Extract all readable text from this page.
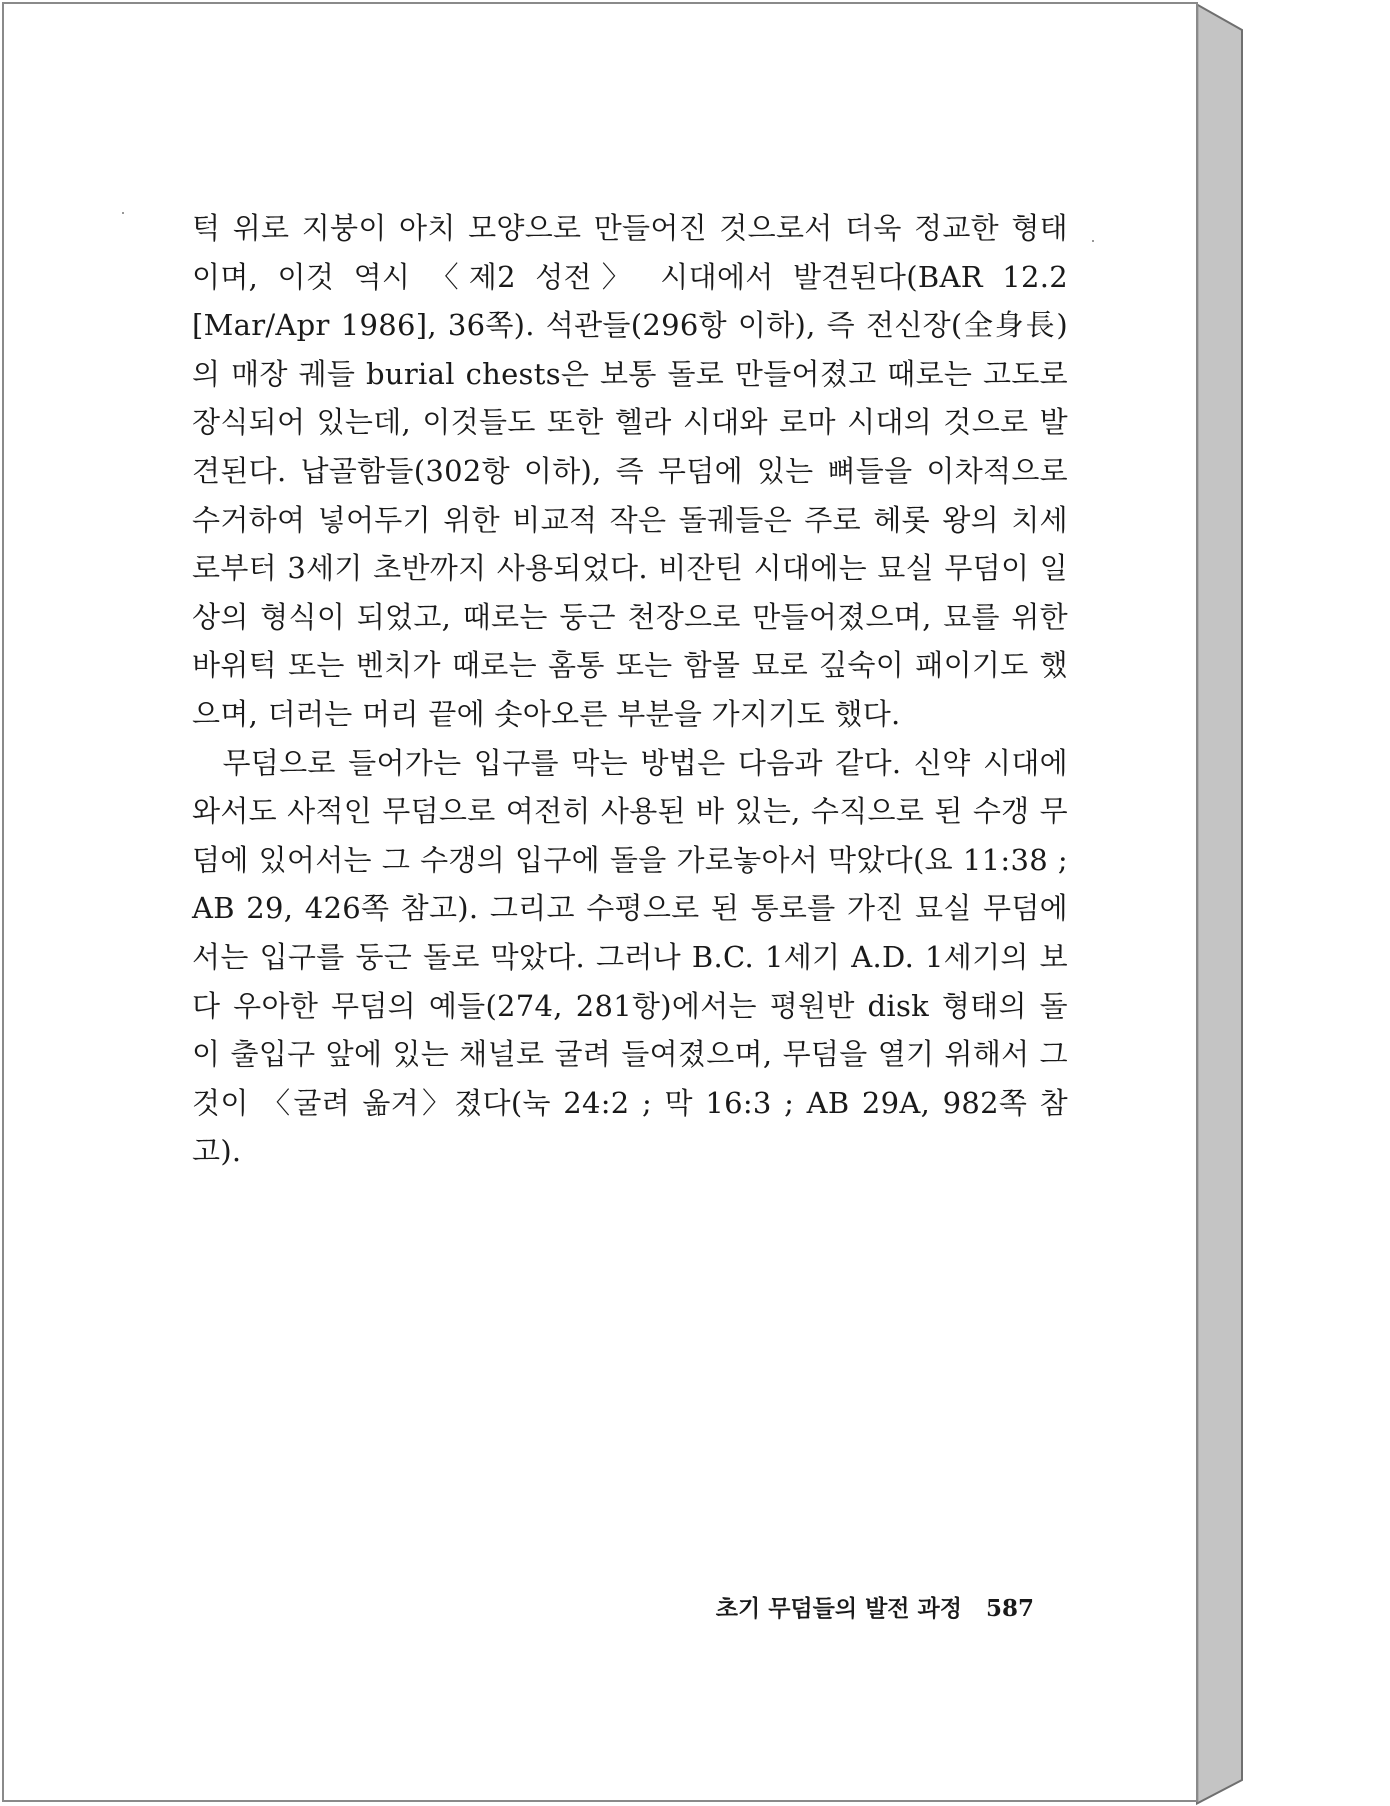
턱 위로 지붕이 아치 모양으로 만들어진 것으로서 더욱 정교한 형태이며, 이것 역시 〈제2 성전〉 시대에서 발견된다(BAR 12.2 [Mar/Apr 1986], 36쪽). 석관들(296항 이하), 즉 전신장(全身長)의 매장 궤들 burial chests은 보통 돌로 만들어졌고 때로는 고도로 장식되어 있는데, 이것들도 또한 헬라 시대와 로마 시대의 것으로 발견된다. 납골함들(302항 이하), 즉 무덤에 있는 뼈들을 이차적으로 수거하여 넣어두기 위한 비교적 작은 돌궤들은 주로 헤롯 왕의 치세로부터 3세기 초반까지 사용되었다. 비잔틴 시대에는 묘실 무덤이 일상의 형식이 되었고, 때로는 둥근 천장으로 만들어졌으며, 묘를 위한 바위턱 또는 벤치가 때로는 홈통 또는 함몰 묘로 깊숙이 패이기도 했으며, 더러는 머리 끝에 솟아오른 부분을 가지기도 했다.

무덤으로 들어가는 입구를 막는 방법은 다음과 같다. 신약 시대에 와서도 사적인 무덤으로 여전히 사용된 바 있는, 수직으로 된 수갱 무덤에 있어서는 그 수갱의 입구에 돌을 가로놓아서 막았다(요 11:38 ; AB 29, 426쪽 참고). 그리고 수평으로 된 통로를 가진 묘실 무덤에서는 입구를 둥근 돌로 막았다. 그러나 B.C. 1세기 A.D. 1세기의 보다 우아한 무덤의 예들(274, 281항)에서는 평원반 disk 형태의 돌이 출입구 앞에 있는 채널로 굴려 들여졌으며, 무덤을 열기 위해서 그것이 〈굴려 옮겨〉졌다(눅 24:2 ; 막 16:3 ; AB 29A, 982쪽 참고).

초기 무덤들의 발전 과정 587
